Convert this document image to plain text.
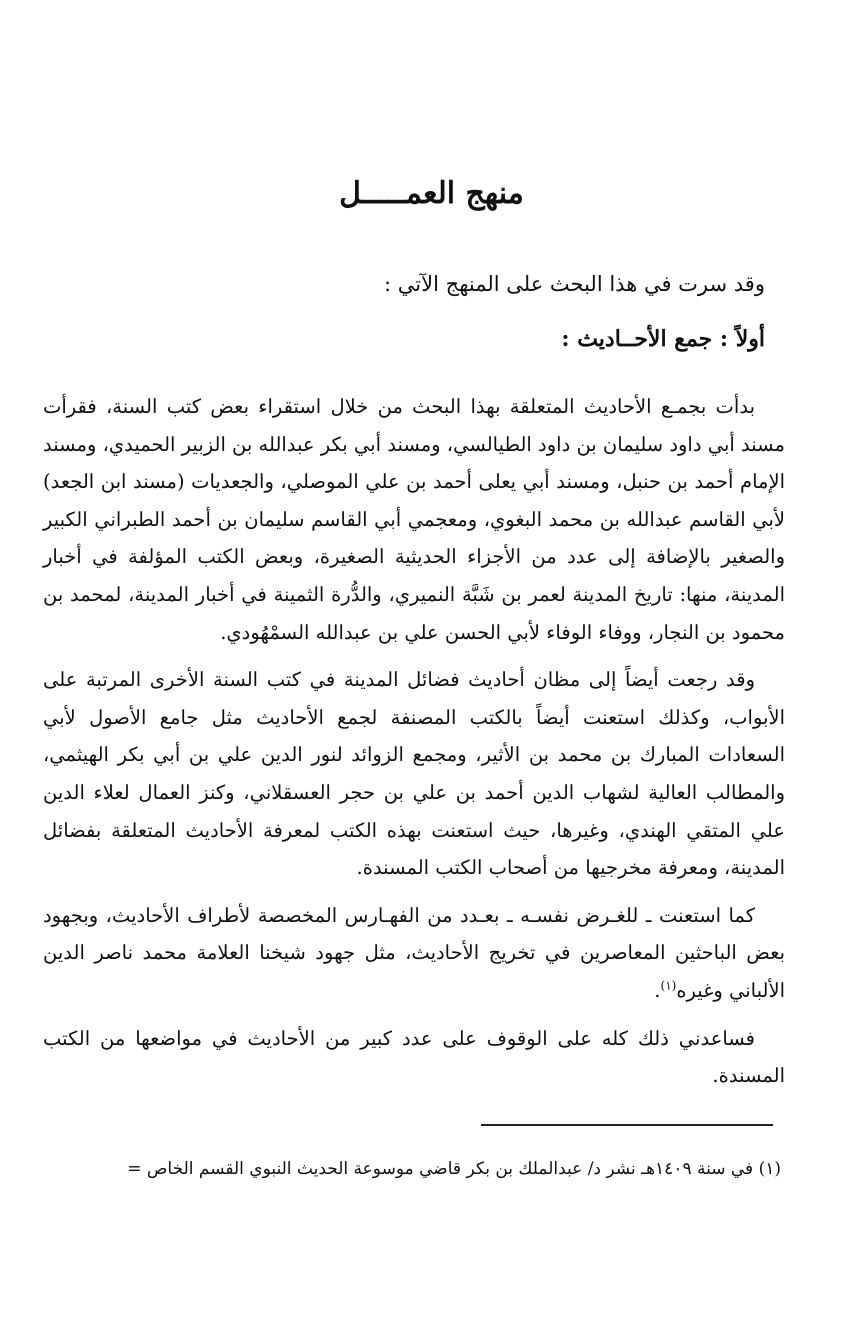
منهج العمـــــل

وقد سرت في هذا البحث على المنهج الآتي :

أولاً : جمع الأحــاديث :

بدأت بجمـع الأحاديث المتعلقة بهذا البحث من خلال استقراء بعض كتب السنة، فقرأت مسند أبي داود سليمان بن داود الطيالسي، ومسند أبي بكر عبدالله بن الزبير الحميدي، ومسند الإمام أحمد بن حنبل، ومسند أبي يعلى أحمد بن علي الموصلي، والجعديات (مسند ابن الجعد) لأبي القاسم عبدالله بن محمد البغوي، ومعجمي أبي القاسم سليمان بن أحمد الطبراني الكبير والصغير بالإضافة إلى عدد من الأجزاء الحديثية الصغيرة، وبعض الكتب المؤلفة في أخبار المدينة، منها: تاريخ المدينة لعمر بن شَبَّة النميري، والدُّرة الثمينة في أخبار المدينة، لمحمد بن محمود بن النجار، ووفاء الوفاء لأبي الحسن علي بن عبدالله السمْهُودي.

وقد رجعت أيضاً إلى مظان أحاديث فضائل المدينة في كتب السنة الأخرى المرتبة على الأبواب، وكذلك استعنت أيضاً بالكتب المصنفة لجمع الأحاديث مثل جامع الأصول لأبي السعادات المبارك بن محمد بن الأثير، ومجمع الزوائد لنور الدين علي بن أبي بكر الهيثمي، والمطالب العالية لشهاب الدين أحمد بن علي بن حجر العسقلاني، وكنز العمال لعلاء الدين علي المتقي الهندي، وغيرها، حيث استعنت بهذه الكتب لمعرفة الأحاديث المتعلقة بفضائل المدينة، ومعرفة مخرجيها من أصحاب الكتب المسندة.

كما استعنت ـ للغـرض نفسـه ـ بعـدد من الفهـارس المخصصة لأطراف الأحاديث، وبجهود بعض الباحثين المعاصرين في تخريج الأحاديث، مثل جهود شيخنا العلامة محمد ناصر الدين الألباني وغيره$^{(١)}$.

فساعدني ذلك كله على الوقوف على عدد كبير من الأحاديث في مواضعها من الكتب المسندة.

(١) في سنة ١٤٠٩هـ نشر د/ عبدالملك بن بكر قاضي موسوعة الحديث النبوي القسم الخاص =
